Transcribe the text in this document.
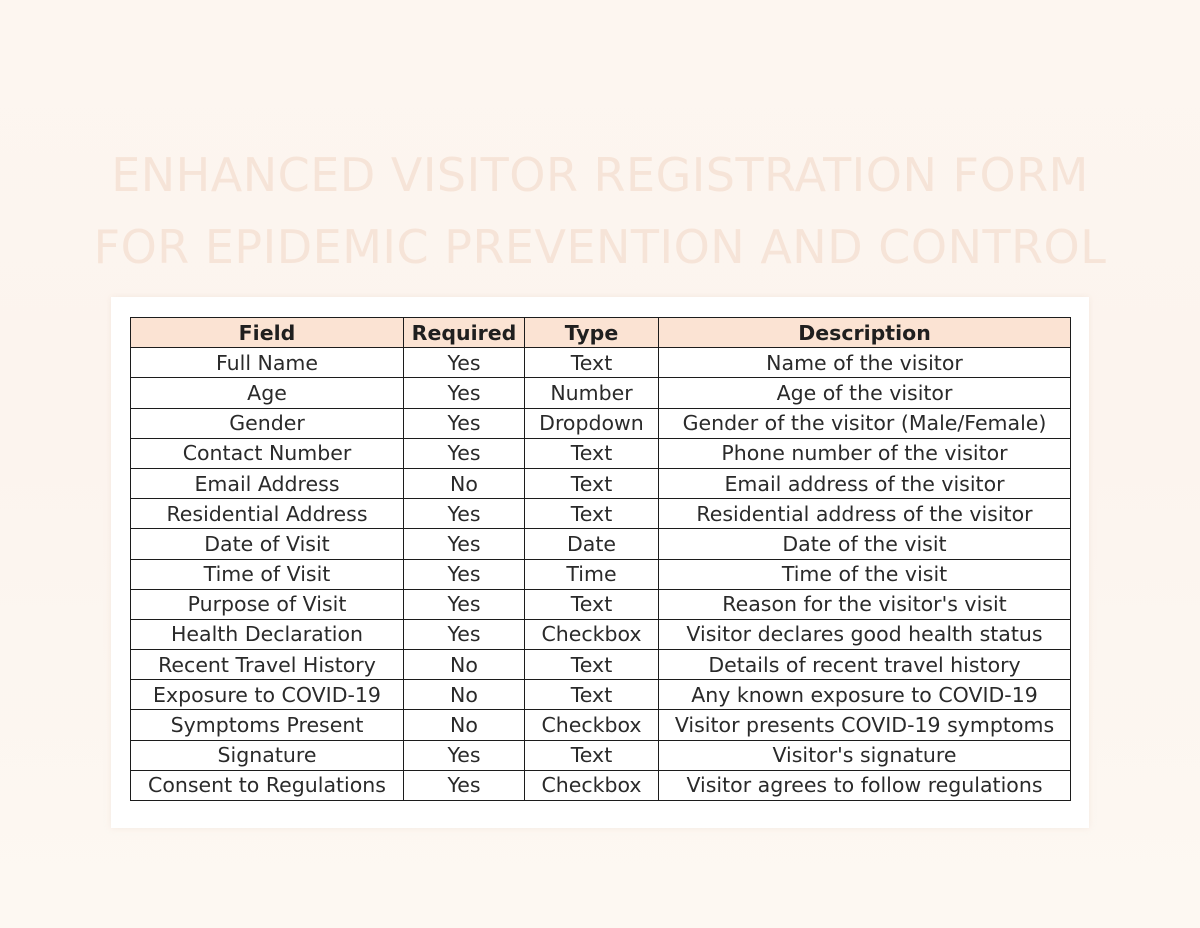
ENHANCED VISITOR REGISTRATION FORM
FOR EPIDEMIC PREVENTION AND CONTROL
Field	Required	Type	Description
Full Name	Yes	Text	Name of the visitor
Age	Yes	Number	Age of the visitor
Gender	Yes	Dropdown	Gender of the visitor (Male/Female)
Contact Number	Yes	Text	Phone number of the visitor
Email Address	No	Text	Email address of the visitor
Residential Address	Yes	Text	Residential address of the visitor
Date of Visit	Yes	Date	Date of the visit
Time of Visit	Yes	Time	Time of the visit
Purpose of Visit	Yes	Text	Reason for the visitor's visit
Health Declaration	Yes	Checkbox	Visitor declares good health status
Recent Travel History	No	Text	Details of recent travel history
Exposure to COVID-19	No	Text	Any known exposure to COVID-19
Symptoms Present	No	Checkbox	Visitor presents COVID-19 symptoms
Signature	Yes	Text	Visitor's signature
Consent to Regulations	Yes	Checkbox	Visitor agrees to follow regulations
